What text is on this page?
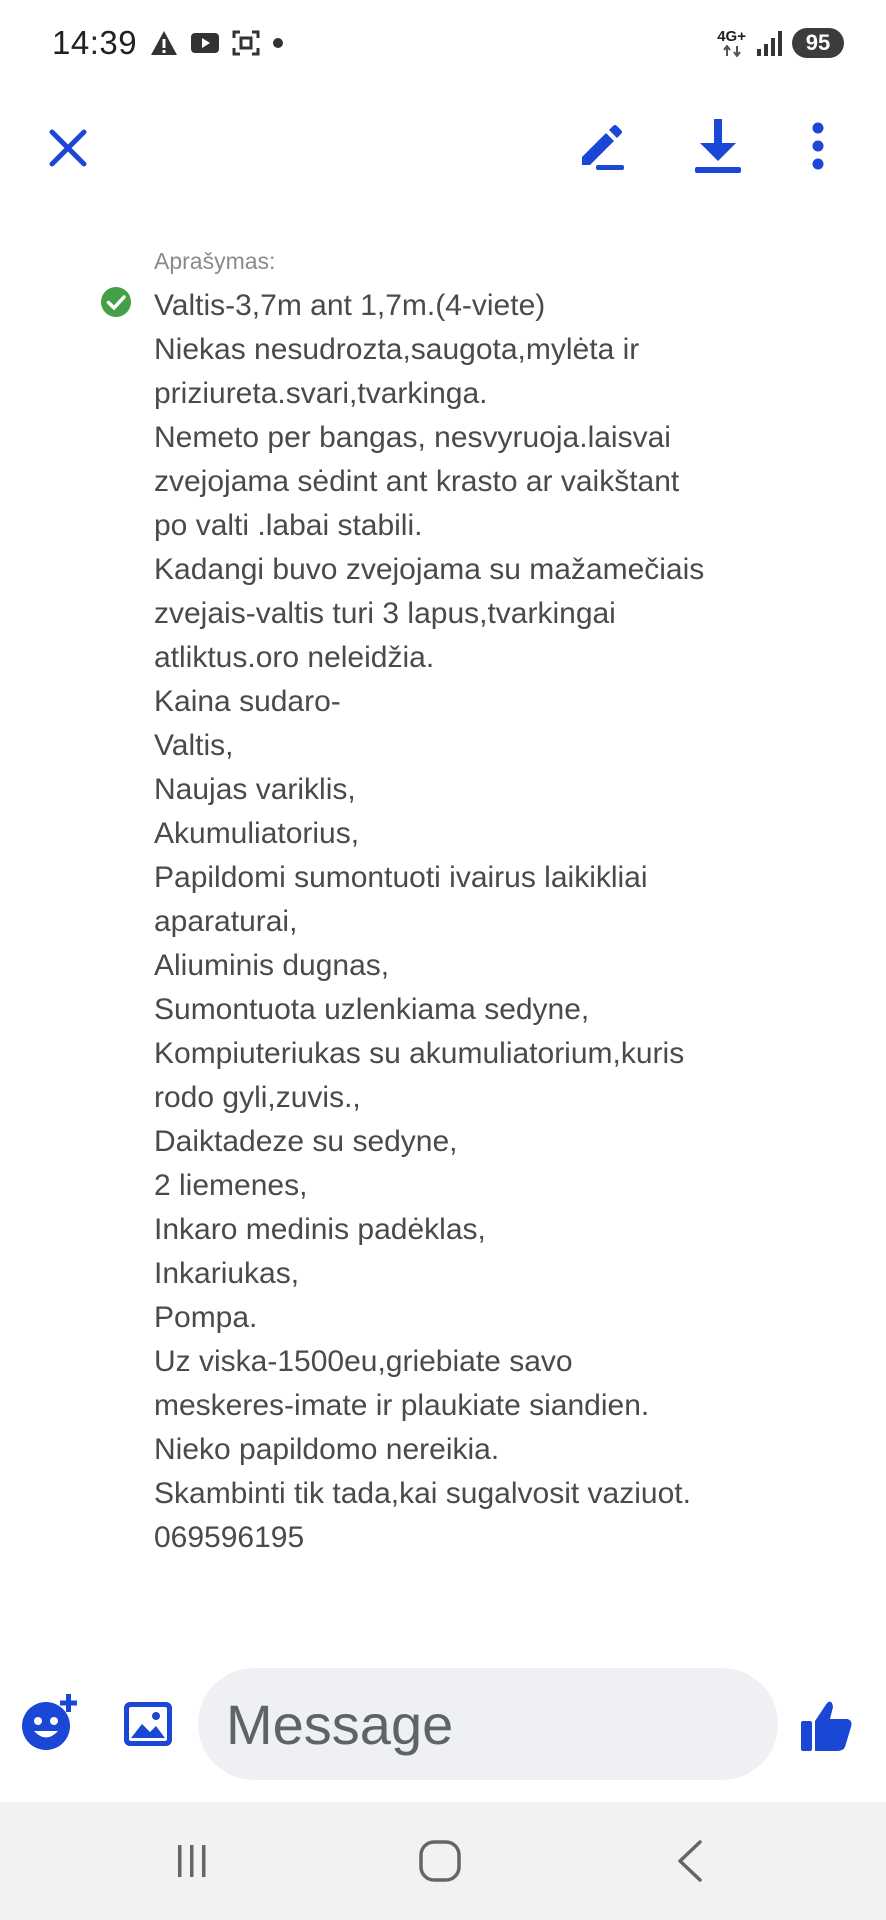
14:39	4G+	95
Aprašymas:
Valtis-3,7m ant 1,7m.(4-viete)
Niekas nesudrozta,saugota,mylėta ir
priziureta.svari,tvarkinga.
Nemeto per bangas, nesvyruoja.laisvai
zvejojama sėdint ant krasto ar vaikštant
po valti .labai stabili.
Kadangi buvo zvejojama su mažamečiais
zvejais-valtis turi 3 lapus,tvarkingai
atliktus.oro neleidžia.
Kaina sudaro-
Valtis,
Naujas variklis,
Akumuliatorius,
Papildomi sumontuoti ivairus laikikliai
aparaturai,
Aliuminis dugnas,
Sumontuota uzlenkiama sedyne,
Kompiuteriukas su akumuliatorium,kuris
rodo gyli,zuvis.,
Daiktadeze su sedyne,
2 liemenes,
Inkaro medinis padėklas,
Inkariukas,
Pompa.
Uz viska-1500eu,griebiate savo
meskeres-imate ir plaukiate siandien.
Nieko papildomo nereikia.
Skambinti tik tada,kai sugalvosit vaziuot.
069596195
Message
